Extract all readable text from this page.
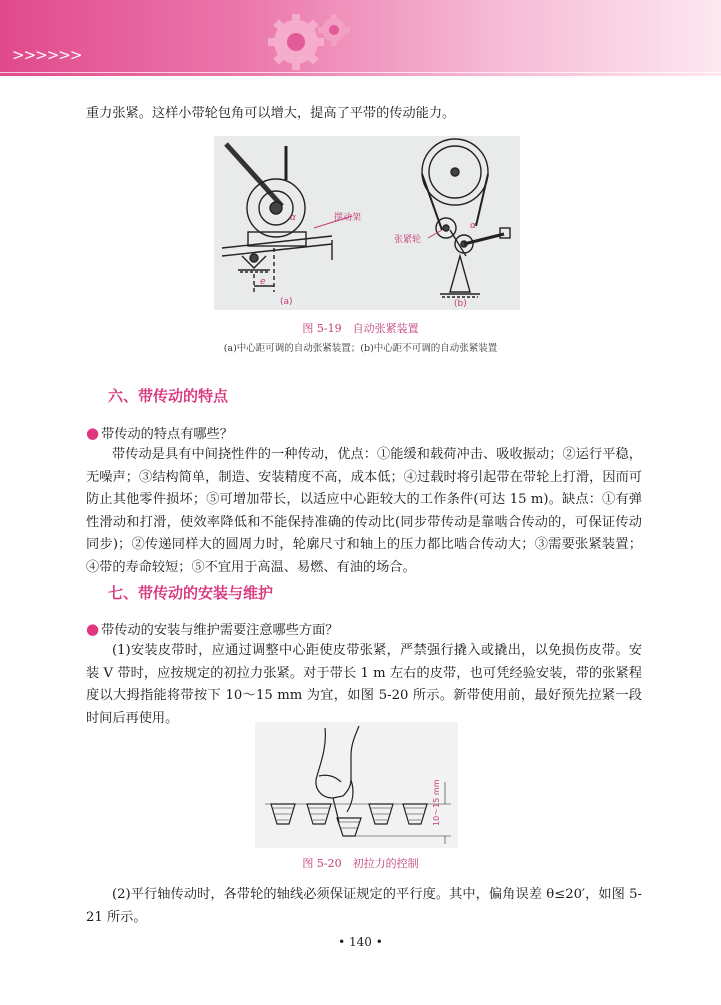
>>>>>>
重力张紧。这样小带轮包角可以增大，提高了平带的传动能力。
摆动架
张紧轮
α
α
e
(a)	(b)
图 5-19　自动张紧装置
(a)中心距可调的自动张紧装置；(b)中心距不可调的自动张紧装置
六、带传动的特点
● 带传动的特点有哪些？
带传动是具有中间挠性件的一种传动，优点：①能缓和载荷冲击、吸收振动；②运行平稳，无噪声；③结构简单，制造、安装精度不高，成本低；④过载时将引起带在带轮上打滑，因而可防止其他零件损坏；⑤可增加带长，以适应中心距较大的工作条件(可达 15 m)。缺点：①有弹性滑动和打滑，使效率降低和不能保持准确的传动比(同步带传动是靠啮合传动的，可保证传动同步)；②传递同样大的圆周力时，轮廓尺寸和轴上的压力都比啮合传动大；③需要张紧装置；④带的寿命较短；⑤不宜用于高温、易燃、有油的场合。
七、带传动的安装与维护
● 带传动的安装与维护需要注意哪些方面？
(1)安装皮带时，应通过调整中心距使皮带张紧，严禁强行撬入或撬出，以免损伤皮带。安装 V 带时，应按规定的初拉力张紧。对于带长 1 m 左右的皮带，也可凭经验安装，带的张紧程度以大拇指能将带按下 10～15 mm 为宜，如图 5-20 所示。新带使用前，最好预先拉紧一段时间后再使用。
10～15 mm
图 5-20　初拉力的控制
(2)平行轴传动时，各带轮的轴线必须保证规定的平行度。其中，偏角误差 θ≤20′，如图 5-21 所示。
• 140 •
